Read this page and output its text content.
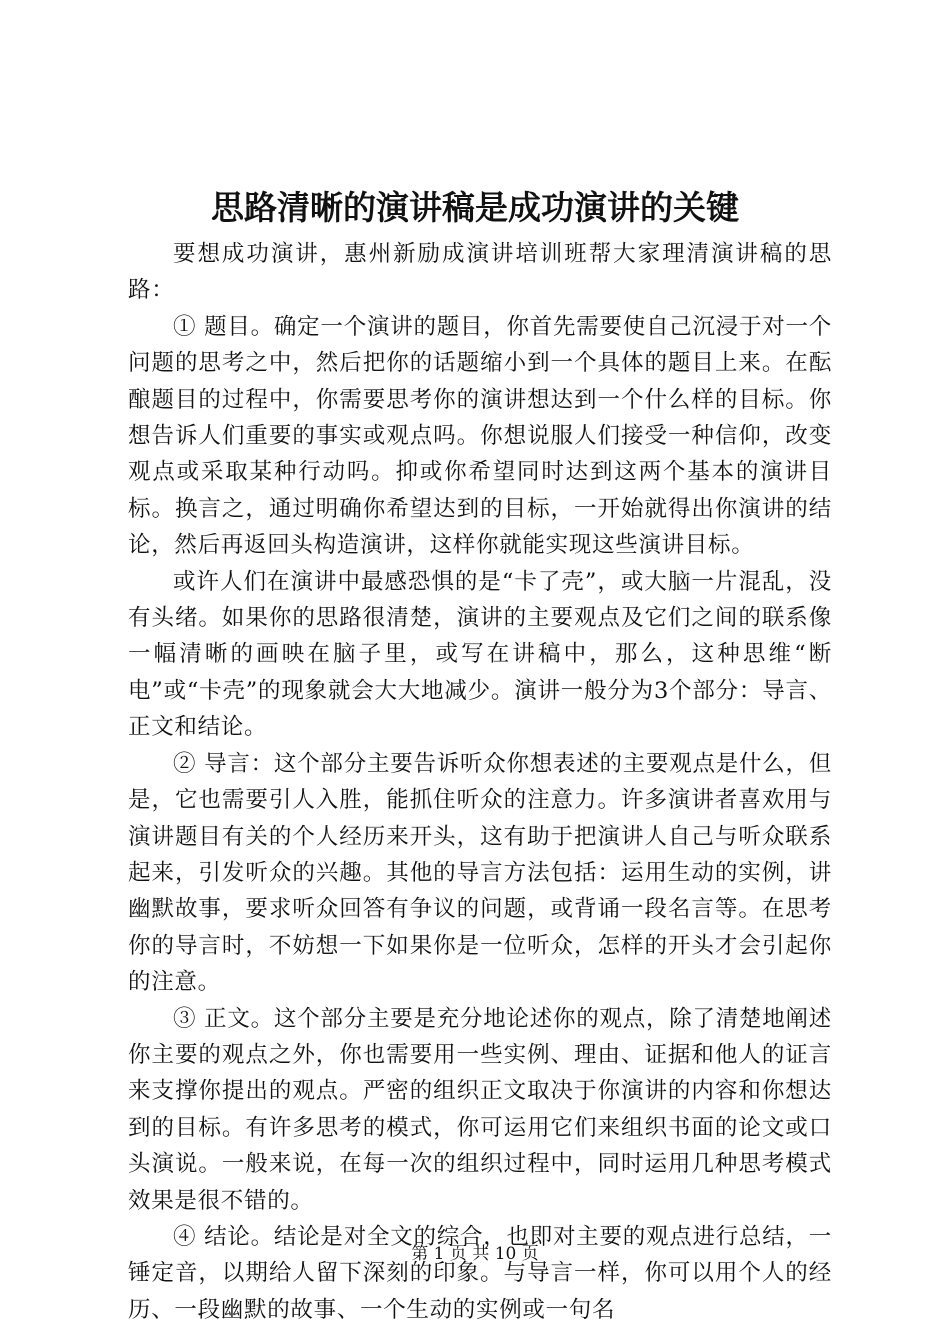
思路清晰的演讲稿是成功演讲的关键

要想成功演讲，惠州新励成演讲培训班帮大家理清演讲稿的思路：

① 题目。确定一个演讲的题目，你首先需要使自己沉浸于对一个问题的思考之中，然后把你的话题缩小到一个具体的题目上来。在酝酿题目的过程中，你需要思考你的演讲想达到一个什么样的目标。你想告诉人们重要的事实或观点吗。你想说服人们接受一种信仰，改变观点或采取某种行动吗。抑或你希望同时达到这两个基本的演讲目标。换言之，通过明确你希望达到的目标，一开始就得出你演讲的结论，然后再返回头构造演讲，这样你就能实现这些演讲目标。

或许人们在演讲中最感恐惧的是“卡了壳”，或大脑一片混乱，没有头绪。如果你的思路很清楚，演讲的主要观点及它们之间的联系像一幅清晰的画映在脑子里，或写在讲稿中，那么，这种思维“断电”或“卡壳”的现象就会大大地减少。演讲一般分为3个部分：导言、正文和结论。

② 导言：这个部分主要告诉听众你想表述的主要观点是什么，但是，它也需要引人入胜，能抓住听众的注意力。许多演讲者喜欢用与演讲题目有关的个人经历来开头，这有助于把演讲人自己与听众联系起来，引发听众的兴趣。其他的导言方法包括：运用生动的实例，讲幽默故事，要求听众回答有争议的问题，或背诵一段名言等。在思考你的导言时，不妨想一下如果你是一位听众，怎样的开头才会引起你的注意。

③ 正文。这个部分主要是充分地论述你的观点，除了清楚地阐述你主要的观点之外，你也需要用一些实例、理由、证据和他人的证言来支撑你提出的观点。严密的组织正文取决于你演讲的内容和你想达到的目标。有许多思考的模式，你可运用它们来组织书面的论文或口头演说。一般来说，在每一次的组织过程中，同时运用几种思考模式效果是很不错的。

④ 结论。结论是对全文的综合，也即对主要的观点进行总结，一锤定音，以期给人留下深刻的印象。与导言一样，你可以用个人的经历、一段幽默的故事、一个生动的实例或一句名

第 1 页 共 10 页
